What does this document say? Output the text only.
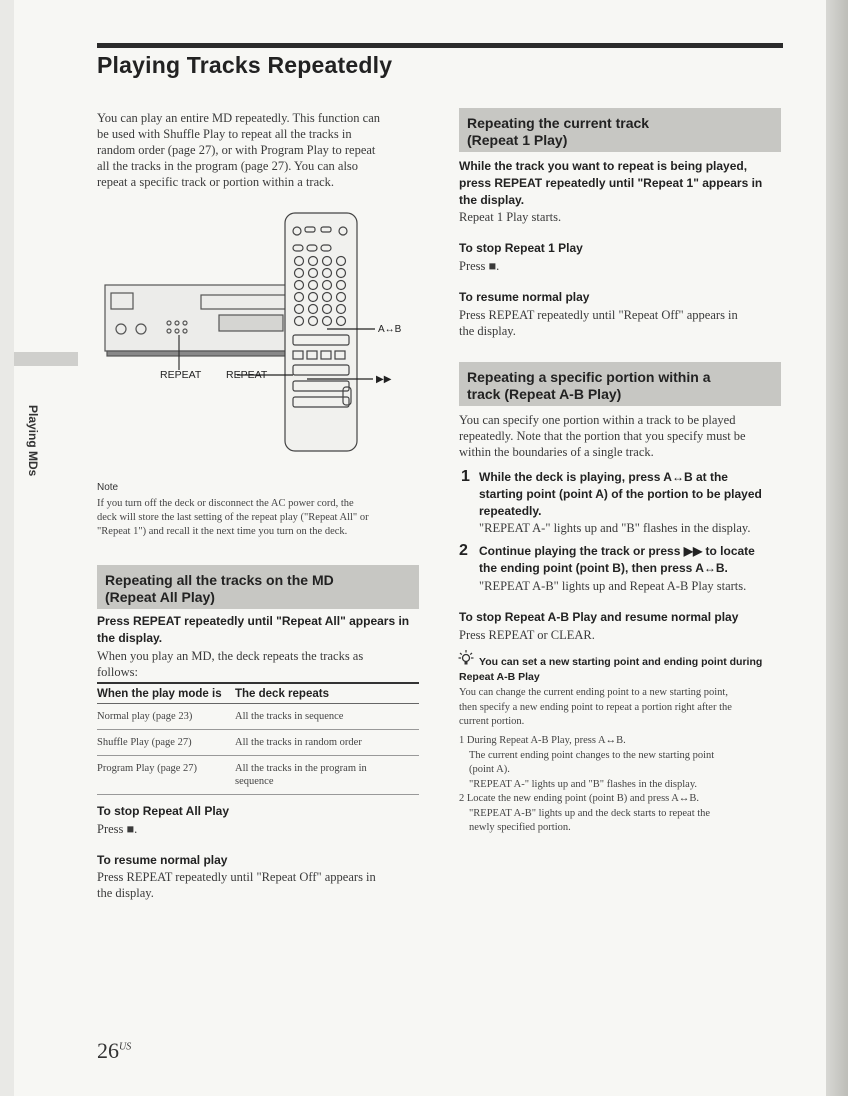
Playing Tracks Repeatedly
Playing MDs
You can play an entire MD repeatedly. This function can
be used with Shuffle Play to repeat all the tracks in
random order (page 27), or with Program Play to repeat
all the tracks in the program (page 27). You can also
repeat a specific track or portion within a track.
A↔B
▶▶
REPEAT REPEAT
Note
If you turn off the deck or disconnect the AC power cord, the
deck will store the last setting of the repeat play ("Repeat All" or
"Repeat 1") and recall it the next time you turn on the deck.
Repeating all the tracks on the MD
(Repeat All Play)
Press REPEAT repeatedly until "Repeat All" appears in
the display.
When you play an MD, the deck repeats the tracks as
follows:
When the play mode is	The deck repeats
Normal play (page 23)	All the tracks in sequence
Shuffle Play (page 27)	All the tracks in random order
Program Play (page 27)	All the tracks in the program in sequence
To stop Repeat All Play
Press ■.
To resume normal play
Press REPEAT repeatedly until "Repeat Off" appears in
the display.
Repeating the current track
(Repeat 1 Play)
While the track you want to repeat is being played,
press REPEAT repeatedly until "Repeat 1" appears in
the display.
Repeat 1 Play starts.
To stop Repeat 1 Play
Press ■.
To resume normal play
Press REPEAT repeatedly until "Repeat Off" appears in
the display.
Repeating a specific portion within a
track (Repeat A-B Play)
You can specify one portion within a track to be played
repeatedly. Note that the portion that you specify must be
within the boundaries of a single track.
1 While the deck is playing, press A↔B at the
starting point (point A) of the portion to be played
repeatedly.
"REPEAT A-" lights up and "B" flashes in the display.
2 Continue playing the track or press ▶▶ to locate
the ending point (point B), then press A↔B.
"REPEAT A-B" lights up and Repeat A-B Play starts.
To stop Repeat A-B Play and resume normal play
Press REPEAT or CLEAR.
You can set a new starting point and ending point during
Repeat A-B Play
You can change the current ending point to a new starting point,
then specify a new ending point to repeat a portion right after the
current portion.
1 During Repeat A-B Play, press A↔B.
The current ending point changes to the new starting point
(point A).
"REPEAT A-" lights up and "B" flashes in the display.
2 Locate the new ending point (point B) and press A↔B.
"REPEAT A-B" lights up and the deck starts to repeat the
newly specified portion.
$26^{US}$
